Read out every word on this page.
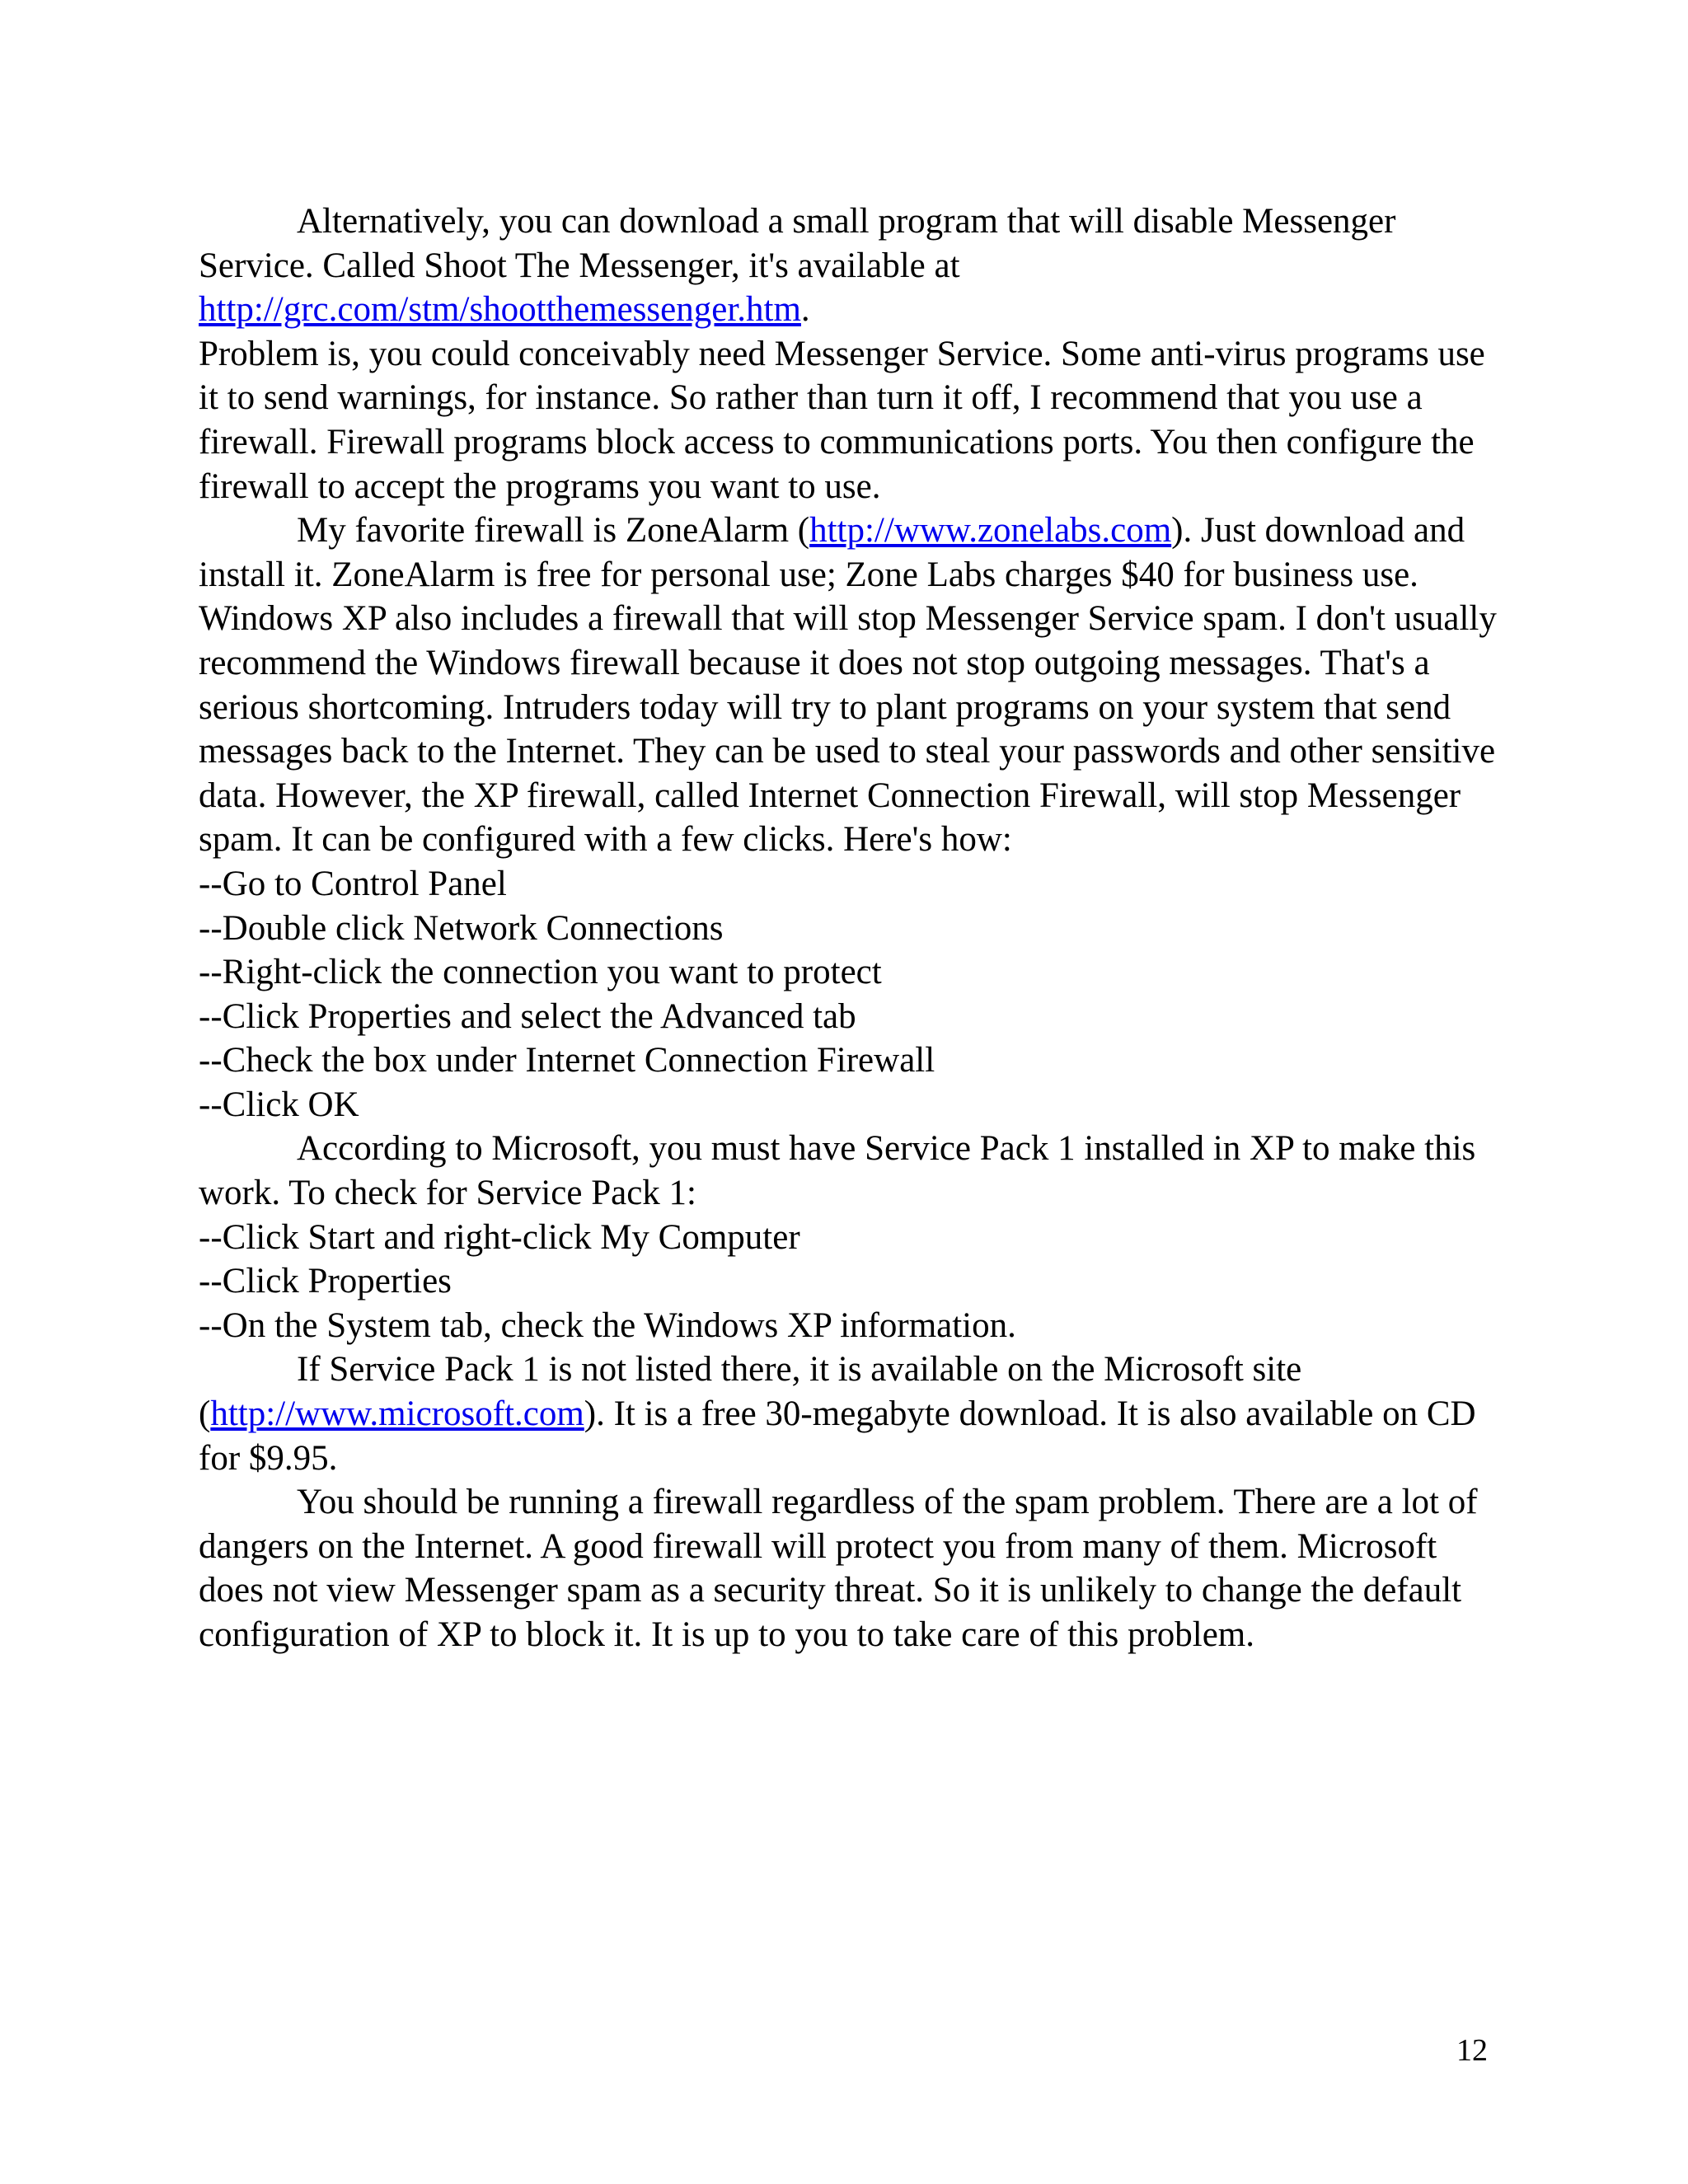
Alternatively, you can download a small program that will disable Messenger Service. Called Shoot The Messenger, it's available at http://grc.com/stm/shootthemessenger.htm.

Problem is, you could conceivably need Messenger Service. Some anti-virus programs use it to send warnings, for instance. So rather than turn it off, I recommend that you use a firewall. Firewall programs block access to communications ports. You then configure the firewall to accept the programs you want to use.

My favorite firewall is ZoneAlarm (http://www.zonelabs.com). Just download and install it. ZoneAlarm is free for personal use; Zone Labs charges $40 for business use.

Windows XP also includes a firewall that will stop Messenger Service spam. I don't usually recommend the Windows firewall because it does not stop outgoing messages. That's a serious shortcoming. Intruders today will try to plant programs on your system that send messages back to the Internet. They can be used to steal your passwords and other sensitive data. However, the XP firewall, called Internet Connection Firewall, will stop Messenger spam. It can be configured with a few clicks. Here's how:

--Go to Control Panel

--Double click Network Connections

--Right-click the connection you want to protect

--Click Properties and select the Advanced tab

--Check the box under Internet Connection Firewall

--Click OK

According to Microsoft, you must have Service Pack 1 installed in XP to make this work. To check for Service Pack 1:

--Click Start and right-click My Computer

--Click Properties

--On the System tab, check the Windows XP information.

If Service Pack 1 is not listed there, it is available on the Microsoft site (http://www.microsoft.com). It is a free 30-megabyte download. It is also available on CD for $9.95.

You should be running a firewall regardless of the spam problem. There are a lot of dangers on the Internet. A good firewall will protect you from many of them. Microsoft does not view Messenger spam as a security threat. So it is unlikely to change the default configuration of XP to block it. It is up to you to take care of this problem.

12
